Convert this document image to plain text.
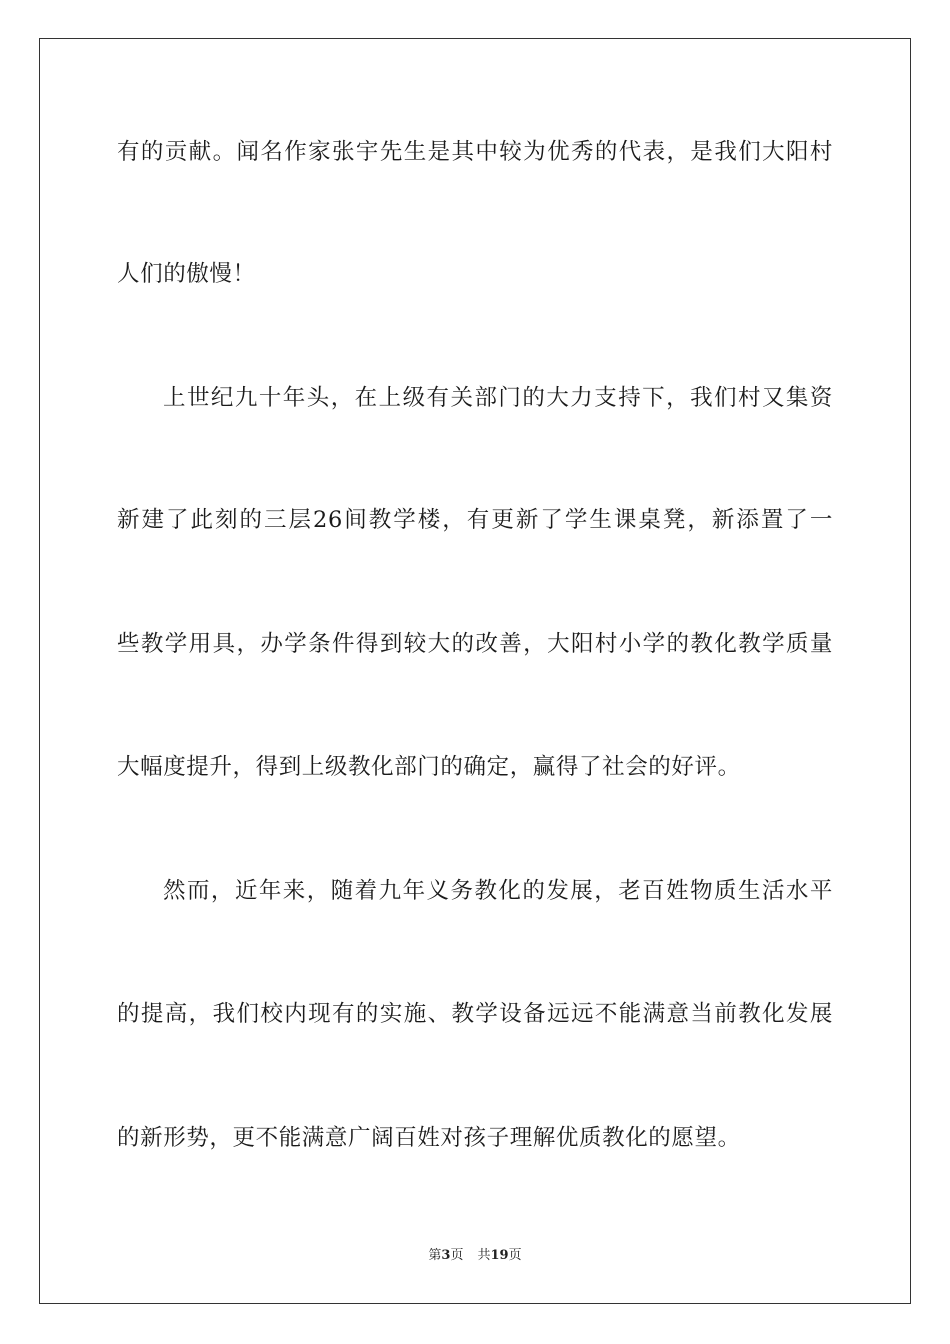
有的贡献。闻名作家张宇先生是其中较为优秀的代表，是我们大阳村
人们的傲慢！
上世纪九十年头，在上级有关部门的大力支持下，我们村又集资
新建了此刻的三层26间教学楼，有更新了学生课桌凳，新添置了一
些教学用具，办学条件得到较大的改善，大阳村小学的教化教学质量
大幅度提升，得到上级教化部门的确定，赢得了社会的好评。
然而，近年来，随着九年义务教化的发展，老百姓物质生活水平
的提高，我们校内现有的实施、教学设备远远不能满意当前教化发展
的新形势，更不能满意广阔百姓对孩子理解优质教化的愿望。
第3页 共19页
